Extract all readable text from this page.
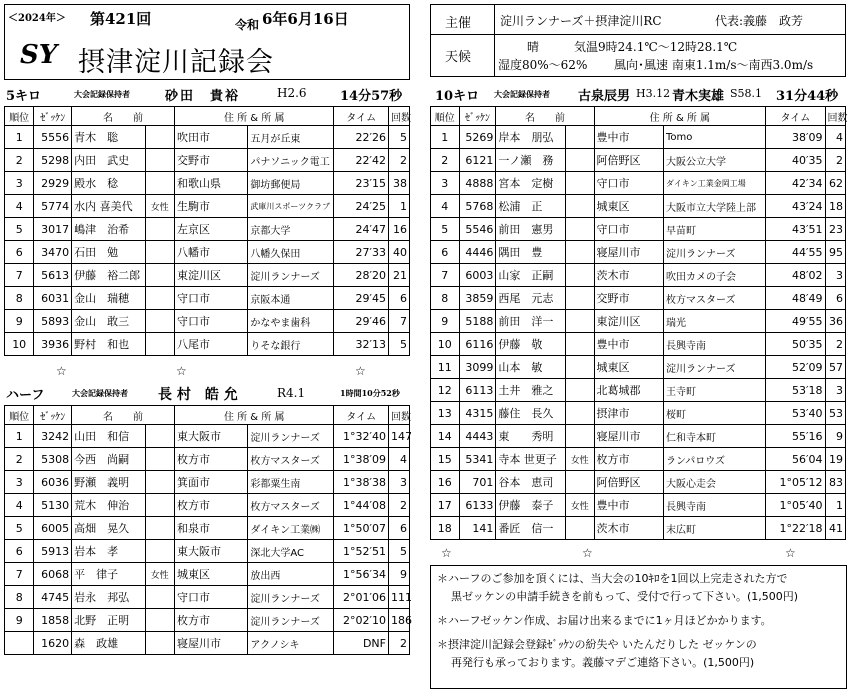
＜2024年＞ 第421回	令和 6年6月16日
SY 摂津淀川記録会
主催 淀川ランナーズ＋摂津淀川RC	代表:義藤　政芳
天候
晴	気温9時24.1℃～12時28.1℃
湿度80%～62% 風向･風速 南東1.1m/s～南西3.0m/s
5キロ	大会記録保持者	砂田　貴裕	H2.6	14分57秒
順位	ｾﾞｯｹﾝ	名　　前		住 所 & 所 属		タイム	回数
1	5556	青木　聡		吹田市	五月が丘東	22′26	5
2	5298	内田　武史		交野市	パナソニック電工	22′42	2
3	2929	殿水　稔		和歌山県	御坊郵便局	23′15	38
4	5774	水内 喜美代	女性	生駒市	武庫川スポーツクラブ	24′25	1
5	3017	嶋津　治希		左京区	京都大学	24′47	16
6	3470	石田　勉		八幡市	八幡久保田	27′33	40
7	5613	伊藤　裕二郎		東淀川区	淀川ランナーズ	28′20	21
8	6031	金山　瑞穂		守口市	京阪本通	29′45	6
9	5893	金山　敢三		守口市	かなやま歯科	29′46	7
10	3936	野村　和也		八尾市	りそな銀行	32′13	5
☆	☆	☆
ハーフ	大会記録保持者 長 村　皓 允	R4.1	1時間10分52秒
順位	ｾﾞｯｹﾝ	名　　前		住 所 & 所 属		タイム	回数
1	3242	山田　和信		東大阪市	淀川ランナーズ	1°32′40	147
2	5308	今西　尚嗣		枚方市	枚方マスターズ	1°38′09	4
3	6036	野瀬　義明		箕面市	彩都粟生南	1°38′38	3
4	5130	荒木　伸治		枚方市	枚方マスターズ	1°44′08	2
5	6005	高畑　晃久		和泉市	ダイキン工業㈱	1°50′07	6
6	5913	岩本　孝		東大阪市	深北大学AC	1°52′51	5
7	6068	平　律子	女性	城東区	放出西	1°56′34	9
8	4745	岩永　邦弘		守口市	淀川ランナーズ	2°01′06	111
9	1858	北野　正明		枚方市	淀川ランナーズ	2°02′10	186
	1620	森　政雄		寝屋川市	アクノシキ	DNF	2
10キロ 大会記録保持者 古泉辰男 H3.12 青木実雄 S58.1 31分44秒
順位	ｾﾞｯｹﾝ	名　　前		住 所 & 所 属		タイム	回数
1	5269	岸本　朋弘		豊中市	Tomo	38′09	4
2	6121	一ノ瀬　務		阿倍野区	大阪公立大学	40′35	2
3	4888	宮本　定樹		守口市	ダイキン工業金岡工場	42′34	62
4	5768	松浦　正		城東区	大阪市立大学陸上部	43′24	18
5	5546	前田　憲男		守口市	早苗町	43′51	23
6	4446	隅田　豊		寝屋川市	淀川ランナーズ	44′55	95
7	6003	山家　正嗣		茨木市	吹田カメの子会	48′02	3
8	3859	西尾　元志		交野市	枚方マスターズ	48′49	6
9	5188	前田　洋一		東淀川区	瑞光	49′55	36
10	6116	伊藤　敬		豊中市	長興寺南	50′35	2
11	3099	山本　敏		城東区	淀川ランナーズ	52′09	57
12	6113	土井　雅之		北葛城郡	王寺町	53′18	3
13	4315	藤住　長久		摂津市	桜町	53′40	53
14	4443	東　　秀明		寝屋川市	仁和寺本町	55′16	9
15	5341	寺本 世更子	女性	枚方市	ランパロウズ	56′04	19
16	701	谷本　恵司		阿倍野区	大阪心走会	1°05′12	83
17	6133	伊藤　泰子	女性	豊中市	長興寺南	1°05′40	1
18	141	番匠　信一		茨木市	末広町	1°22′18	41
☆	☆	☆
＊ハーフのご参加を頂くには、当大会の10ｷﾛを1回以上完走された方で
黒ゼッケンの申請手続きを前もって、受付で行って下さい。(1,500円)
＊ハーフゼッケン作成、お届け出来るまでに1ヶ月ほどかかります。
＊摂津淀川記録会登録ｾﾞｯｹﾝの紛失や いたんだりした ゼッケンの
再発行も承っております。義藤マデご連絡下さい。(1,500円)
